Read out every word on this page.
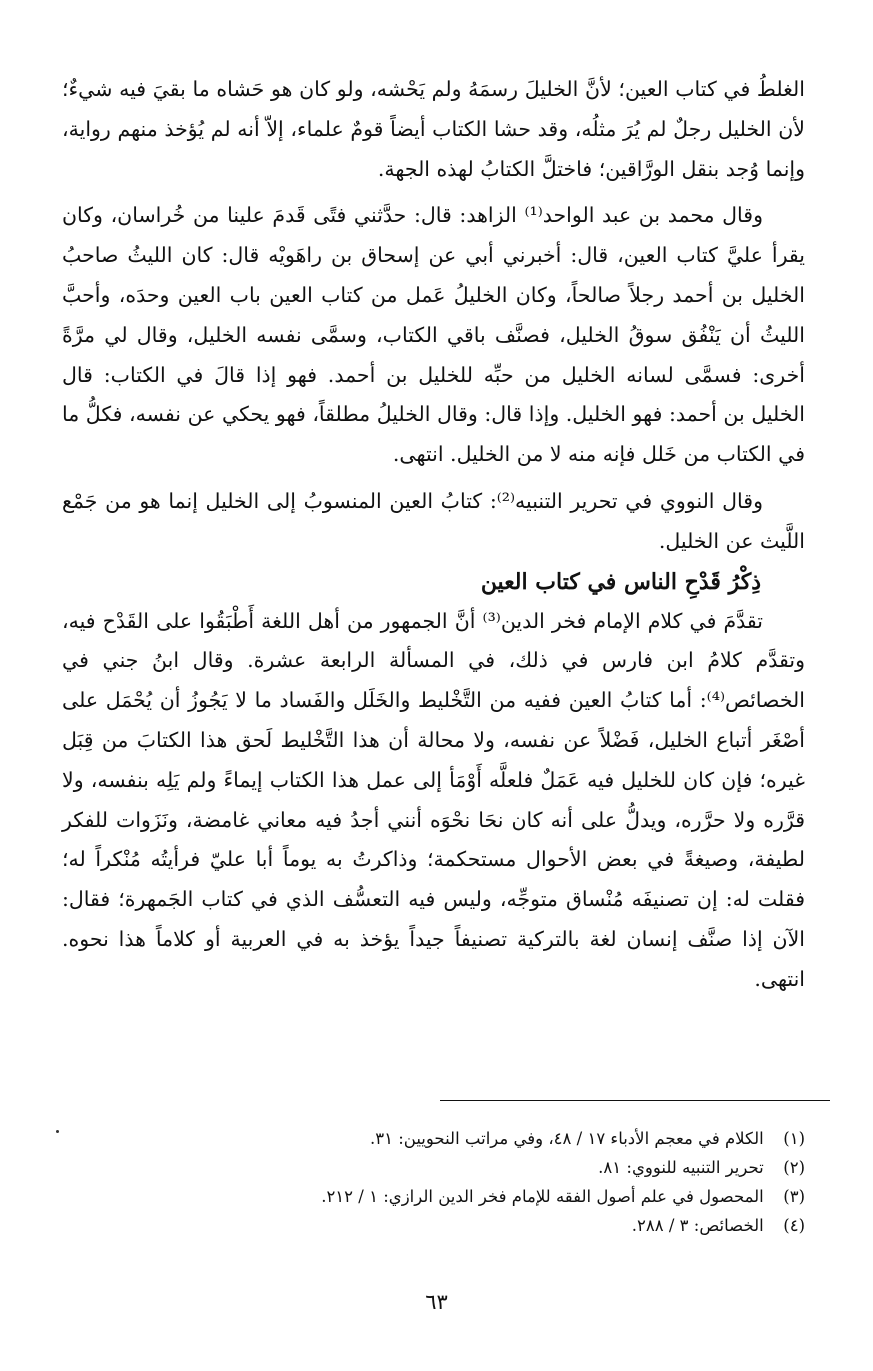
الغلطُ في كتاب العين؛ لأنَّ الخليلَ رسمَهُ ولم يَحْشه، ولو كان هو حَشاه ما بقيَ فيه شيءٌ؛ لأن الخليل رجلٌ لم يُرَ مثلُه، وقد حشا الكتاب أيضاً قومٌ علماء، إلاّ أنه لم يُؤخذ منهم رواية، وإنما وُجد بنقل الورَّاقين؛ فاختلَّ الكتابُ لهذه الجهة.

وقال محمد بن عبد الواحد⁽¹⁾ الزاهد: قال: حدَّثني فتًى قَدمَ علينا من خُراسان، وكان يقرأ عليَّ كتاب العين، قال: أخبرني أبي عن إسحاق بن راهَويْه قال: كان الليثُ صاحبُ الخليل بن أحمد رجلاً صالحاً، وكان الخليلُ عَمل من كتاب العين باب العين وحدَه، وأحبَّ الليثُ أن يَنْفُق سوقُ الخليل، فصنَّف باقي الكتاب، وسمَّى نفسه الخليل، وقال لي مرَّةً أخرى: فسمَّى لسانه الخليل من حبِّه للخليل بن أحمد. فهو إذا قالَ في الكتاب: قال الخليل بن أحمد: فهو الخليل. وإذا قال: وقال الخليلُ مطلقاً، فهو يحكي عن نفسه، فكلُّ ما في الكتاب من خَلل فإنه منه لا من الخليل. انتهى.

وقال النووي في تحرير التنبيه⁽²⁾: كتابُ العين المنسوبُ إلى الخليل إنما هو من جَمْع اللَّيث عن الخليل.

ذِكْرُ قَدْحِ الناس في كتاب العين

تقدَّمَ في كلام الإمام فخر الدين⁽³⁾ أنَّ الجمهور من أهل اللغة أَطْبَقُوا على القَدْح فيه، وتقدَّم كلامُ ابن فارس في ذلك، في المسألة الرابعة عشرة. وقال ابنُ جني في الخصائص⁽⁴⁾: أما كتابُ العين ففيه من التَّخْليط والخَلَل والفَساد ما لا يَجُوزُ أن يُحْمَل على أصْغَر أتباع الخليل، فَضْلاً عن نفسه، ولا محالة أن هذا التَّخْليط لَحق هذا الكتابَ من قِبَل غيره؛ فإن كان للخليل فيه عَمَلٌ فلعلَّه أَوْمَأ إلى عمل هذا الكتاب إيماءً ولم يَلِه بنفسه، ولا قرَّره ولا حرَّره، ويدلُّ على أنه كان نحَا نحْوَه أنني أجدُ فيه معاني غامضة، ونَزَوات للفكر لطيفة، وصيغةً في بعض الأحوال مستحكمة؛ وذاكرتُ به يوماً أبا عليّ فرأيتُه مُنْكراً له؛ فقلت له: إن تصنيفَه مُنْساق متوجِّه، وليس فيه التعسُّف الذي في كتاب الجَمهرة؛ فقال: الآن إذا صنَّف إنسان لغة بالتركية تصنيفاً جيداً يؤخذ به في العربية أو كلاماً هذا نحوه. انتهى.

(١) الكلام في معجم الأدباء ١٧ / ٤٨، وفي مراتب النحويين: ٣١.

(٢) تحرير التنبيه للنووي: ٨١.

(٣) المحصول في علم أصول الفقه للإمام فخر الدين الرازي: ١ / ٢١٢.

(٤) الخصائص: ٣ / ٢٨٨.

٦٣
